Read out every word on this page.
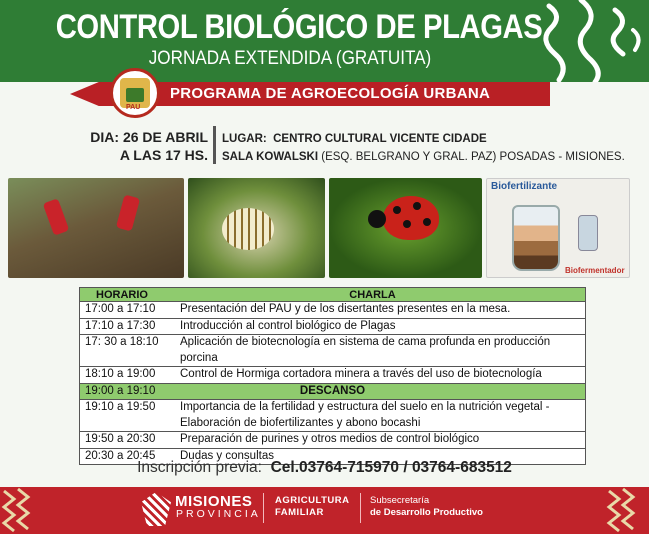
CONTROL BIOLÓGICO DE PLAGAS
JORNADA EXTENDIDA (GRATUITA)
PROGRAMA DE AGROECOLOGÍA URBANA
PAU
DIA: 26 DE ABRIL
A LAS 17 HS.
LUGAR: CENTRO CULTURAL VICENTE CIDADE
SALA KOWALSKI (ESQ. BELGRANO Y GRAL. PAZ) POSADAS - MISIONES.
Biofertilizante
Biofermentador
HORARIO	CHARLA
17:00 a 17:10	Presentación del PAU y de los disertantes presentes en la mesa.
17:10 a 17:30	Introducción al control biológico de Plagas
17: 30 a 18:10	Aplicación de biotecnología en sistema de cama profunda en producción porcina
18:10 a 19:00	Control de Hormiga cortadora minera a través del uso de biotecnología
19:00 a 19:10	DESCANSO
19:10 a 19:50	Importancia de la fertilidad y estructura del suelo en la nutrición vegetal - Elaboración de biofertilizantes y abono bocashi
19:50 a 20:30	Preparación de purines y otros medios de control biológico
20:30 a 20:45	Dudas y consultas
Inscripción previa: Cel.03764-715970 / 03764-683512
MISIONES
PROVINCIA
AGRICULTURA
FAMILIAR
Subsecretaría
de Desarrollo Productivo
